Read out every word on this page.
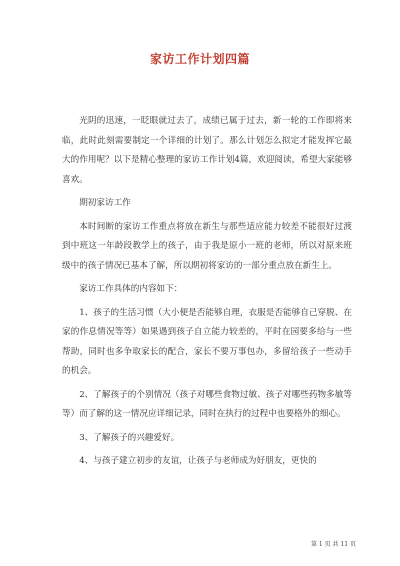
家访工作计划四篇

光阴的迅速，一眨眼就过去了，成绩已属于过去，新一轮的工作即将来临，此时此刻需要制定一个详细的计划了。那么计划怎么拟定才能发挥它最大的作用呢？以下是精心整理的家访工作计划4篇，欢迎阅读，希望大家能够喜欢。

期初家访工作

本时间断的家访工作重点将放在新生与那些适应能力较差不能很好过渡到中班这一年龄段教学上的孩子，由于我是原小一班的老师，所以对原来班级中的孩子情况已基本了解，所以期初将家访的一部分重点放在新生上。

家访工作具体的内容如下：

1、孩子的生活习惯（大小便是否能够自理，衣服是否能够自己穿脱、在家的作息情况等等）如果遇到孩子自立能力较差的，平时在园要多给与一些帮助，同时也多争取家长的配合，家长不要万事包办，多留给孩子一些动手的机会。

2、了解孩子的个别情况（孩子对哪些食物过敏、孩子对哪些药物多敏等等）而了解的这一情况应详细记录，同时在执行的过程中也要格外的细心。

3、了解孩子的兴趣爱好。

4、与孩子建立初步的友谊，让孩子与老师成为好朋友，更快的

第 1 页 共 11 页
